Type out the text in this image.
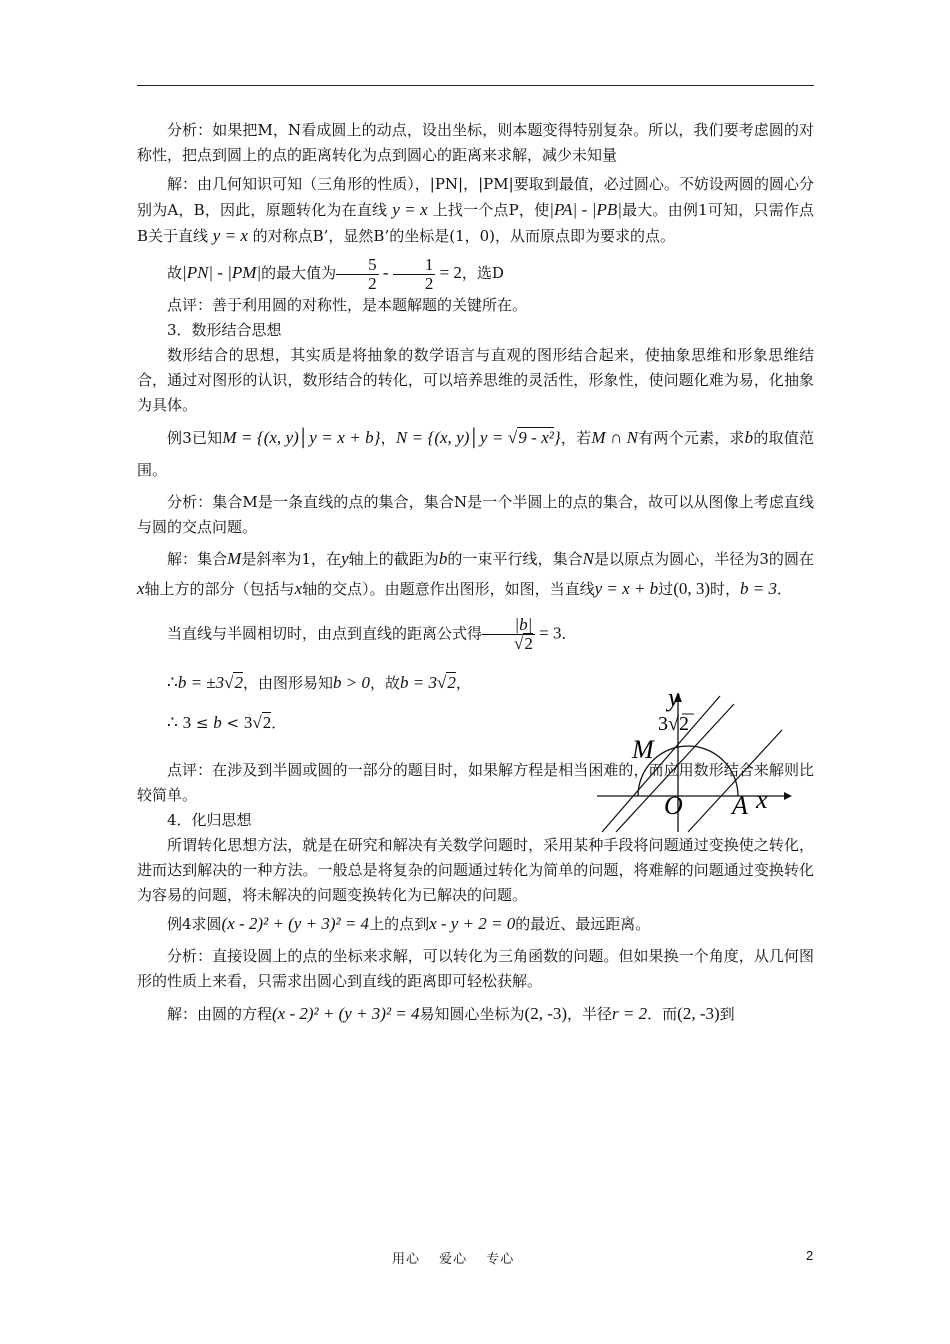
分析：如果把M，N看成圆上的动点，设出坐标，则本题变得特别复杂。所以，我们要考虑圆的对称性，把点到圆上的点的距离转化为点到圆心的距离来求解，减少未知量

解：由几何知识可知（三角形的性质），|PN|，|PM|要取到最值，必过圆心。不妨设两圆的圆心分别为A，B，因此，原题转化为在直线 y = x 上找一个点P，使|PA| - |PB|最大。由例1可知，只需作点B关于直线 y = x 的对称点B’，显然B’的坐标是(1，0)，从而原点即为要求的点。

故|PN| - |PM|的最大值为 $\frac{5}{2} - \frac{1}{2} = 2$，选D

点评：善于利用圆的对称性，是本题解题的关键所在。

3．数形结合思想

数形结合的思想，其实质是将抽象的数学语言与直观的图形结合起来，使抽象思维和形象思维结合，通过对图形的认识，数形结合的转化，可以培养思维的灵活性，形象性，使问题化难为易，化抽象为具体。

例3已知M = {(x, y)│y = x + b}，N = {(x, y)│y = √9 - x²}，若M ∩ N有两个元素，求b的取值范围。

分析：集合M是一条直线的点的集合，集合N是一个半圆上的点的集合，故可以从图像上考虑直线与圆的交点问题。

解：集合M是斜率为1，在y轴上的截距为b的一束平行线，集合N是以原点为圆心，半径为3的圆在x轴上方的部分（包括与x轴的交点）。由题意作出图形，如图，当直线y = x + b过(0, 3)时，b = 3．

当直线与半圆相切时，由点到直线的距离公式得 $\frac{|b|}{√2} = 3$．

∴b = ±3√2，由图形易知b > 0，故b = 3√2，

∴ 3 ≤ b < 3√2．

点评：在涉及到半圆或圆的一部分的题目时，如果解方程是相当困难的，而应用数形结合来解则比较简单。

4．化归思想

所谓转化思想方法，就是在研究和解决有关数学问题时，采用某种手段将问题通过变换使之转化，进而达到解决的一种方法。一般总是将复杂的问题通过转化为简单的问题，将难解的问题通过变换转化为容易的问题，将未解决的问题变换转化为已解决的问题。

例4求圆(x - 2)² + (y + 3)² = 4上的点到x - y + 2 = 0的最近、最远距离。

分析：直接设圆上的点的坐标来求解，可以转化为三角函数的问题。但如果换一个角度，从几何图形的性质上来看，只需求出圆心到直线的距离即可轻松获解。

解：由圆的方程(x - 2)² + (y + 3)² = 4易知圆心坐标为(2, -3)，半径r = 2．而(2, -3)到

y
3√2
M
O A x
用心 爱心 专心	2
